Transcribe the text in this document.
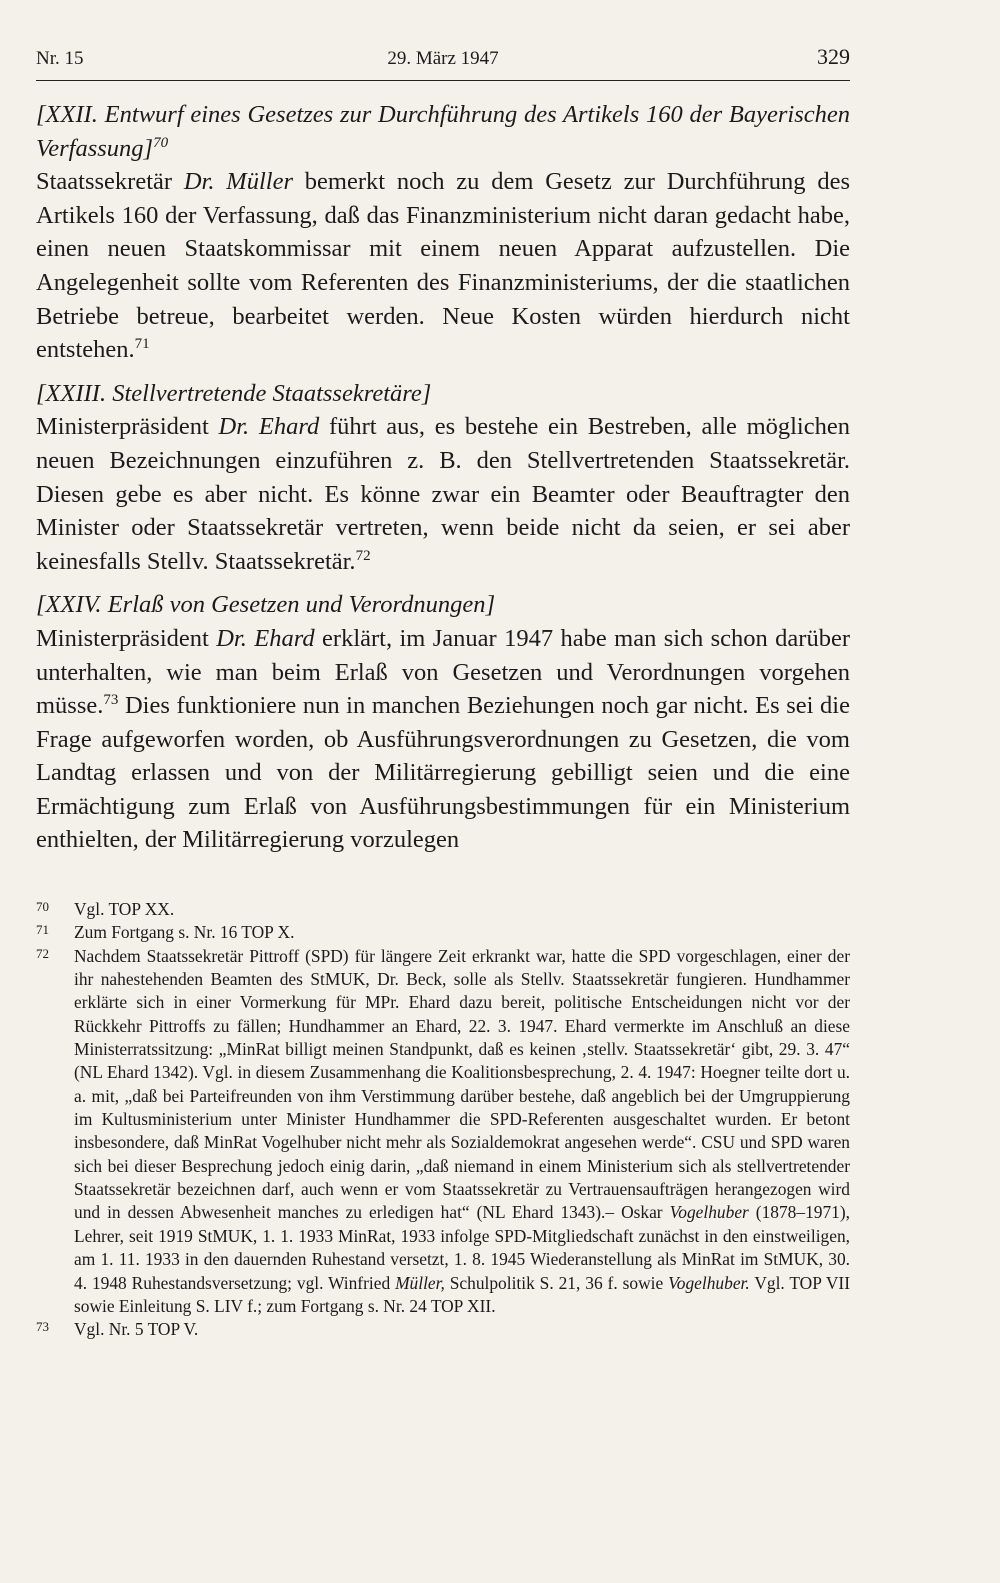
Nr. 15	29. März 1947	329

[XXII. Entwurf eines Gesetzes zur Durchführung des Artikels 160 der Bayerischen Verfassung]$^{70}$

Staatssekretär Dr. Müller bemerkt noch zu dem Gesetz zur Durchführung des Artikels 160 der Verfassung, daß das Finanzministerium nicht daran gedacht habe, einen neuen Staatskommissar mit einem neuen Apparat aufzustellen. Die Angelegenheit sollte vom Referenten des Finanzministeriums, der die staatlichen Betriebe betreue, bearbeitet werden. Neue Kosten würden hierdurch nicht entstehen.$^{71}$

[XXIII. Stellvertretende Staatssekretäre]

Ministerpräsident Dr. Ehard führt aus, es bestehe ein Bestreben, alle möglichen neuen Bezeichnungen einzuführen z. B. den Stellvertretenden Staatssekretär. Diesen gebe es aber nicht. Es könne zwar ein Beamter oder Beauftragter den Minister oder Staatssekretär vertreten, wenn beide nicht da seien, er sei aber keinesfalls Stellv. Staatssekretär.$^{72}$

[XXIV. Erlaß von Gesetzen und Verordnungen]

Ministerpräsident Dr. Ehard erklärt, im Januar 1947 habe man sich schon darüber unterhalten, wie man beim Erlaß von Gesetzen und Verordnungen vorgehen müsse.$^{73}$ Dies funktioniere nun in manchen Beziehungen noch gar nicht. Es sei die Frage aufgeworfen worden, ob Ausführungsverordnungen zu Gesetzen, die vom Landtag erlassen und von der Militärregierung gebilligt seien und die eine Ermächtigung zum Erlaß von Ausführungsbestimmungen für ein Ministerium enthielten, der Militärregierung vorzulegen

70 Vgl. TOP XX.

71 Zum Fortgang s. Nr. 16 TOP X.

72 Nachdem Staatssekretär Pittroff (SPD) für längere Zeit erkrankt war, hatte die SPD vorgeschlagen, einer der ihr nahestehenden Beamten des StMUK, Dr. Beck, solle als Stellv. Staatssekretär fungieren. Hundhammer erklärte sich in einer Vormerkung für MPr. Ehard dazu bereit, politische Entscheidungen nicht vor der Rückkehr Pittroffs zu fällen; Hundhammer an Ehard, 22. 3. 1947. Ehard vermerkte im Anschluß an diese Ministerratssitzung: „MinRat billigt meinen Standpunkt, daß es keinen ‚stellv. Staatssekretär‘ gibt, 29. 3. 47“ (NL Ehard 1342). Vgl. in diesem Zusammenhang die Koalitionsbesprechung, 2. 4. 1947: Hoegner teilte dort u. a. mit, „daß bei Parteifreunden von ihm Verstimmung darüber bestehe, daß angeblich bei der Umgruppierung im Kultusministerium unter Minister Hundhammer die SPD-Referenten ausgeschaltet wurden. Er betont insbesondere, daß MinRat Vogelhuber nicht mehr als Sozialdemokrat angesehen werde“. CSU und SPD waren sich bei dieser Besprechung jedoch einig darin, „daß niemand in einem Ministerium sich als stellvertretender Staatssekretär bezeichnen darf, auch wenn er vom Staatssekretär zu Vertrauensaufträgen herangezogen wird und in dessen Abwesenheit manches zu erledigen hat“ (NL Ehard 1343).– Oskar Vogelhuber (1878–1971), Lehrer, seit 1919 StMUK, 1. 1. 1933 MinRat, 1933 infolge SPD-Mitgliedschaft zunächst in den einstweiligen, am 1. 11. 1933 in den dauernden Ruhestand versetzt, 1. 8. 1945 Wiederanstellung als MinRat im StMUK, 30. 4. 1948 Ruhestandsversetzung; vgl. Winfried Müller, Schulpolitik S. 21, 36 f. sowie Vogelhuber. Vgl. TOP VII sowie Einleitung S. LIV f.; zum Fortgang s. Nr. 24 TOP XII.

73 Vgl. Nr. 5 TOP V.
